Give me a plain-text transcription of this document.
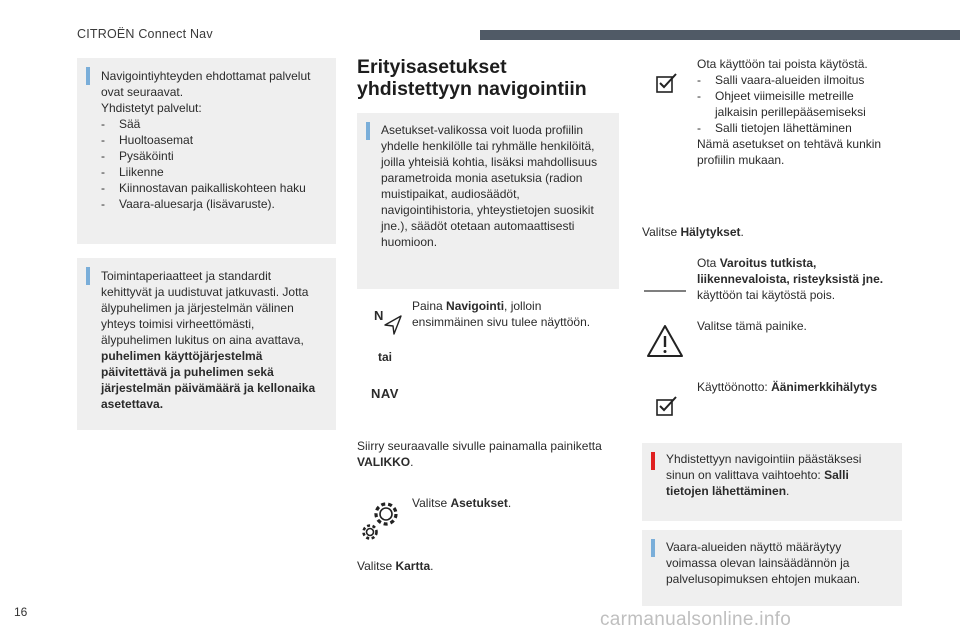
CITROËN Connect Nav

Navigointiyhteyden ehdottamat palvelut ovat seuraavat.

Yhdistetyt palvelut:

- Sää
- Huoltoasemat
- Pysäköinti
- Liikenne
- Kiinnostavan paikalliskohteen haku
- Vaara-aluesarja (lisävaruste).

Toimintaperiaatteet ja standardit kehittyvät ja uudistuvat jatkuvasti. Jotta älypuhelimen ja järjestelmän välinen yhteys toimisi virheettömästi, älypuhelimen lukitus on aina avattava, puhelimen käyttöjärjestelmä päivitettävä ja puhelimen sekä järjestelmän päivämäärä ja kellonaika asetettava.

Erityisasetukset yhdistettyyn navigointiin

Asetukset-valikossa voit luoda profiilin yhdelle henkilölle tai ryhmälle henkilöitä, joilla yhteisiä kohtia, lisäksi mahdollisuus parametroida monia asetuksia (radion muistipaikat, audiosäädöt, navigointihistoria, yhteystietojen suosikit jne.), säädöt otetaan automaattisesti huomioon.

N
tai
NAV
Paina Navigointi, jolloin ensimmäinen sivu tulee näyttöön.
Siirry seuraavalle sivulle painamalla painiketta VALIKKO.
Valitse Asetukset.
Valitse Kartta.

Ota käyttöön tai poista käytöstä.

- Salli vaara-alueiden ilmoitus
- Ohjeet viimeisille metreille jalkaisin perillepääsemiseksi
- Salli tietojen lähettäminen

Nämä asetukset on tehtävä kunkin profiilin mukaan.

Valitse Hälytykset.
Ota Varoitus tutkista, liikennevaloista, risteyksistä jne. käyttöön tai käytöstä pois.
Valitse tämä painike.
Käyttöönotto: Äänimerkkihälytys

Yhdistettyyn navigointiin päästäksesi sinun on valittava vaihtoehto: Salli tietojen lähettäminen.

Vaara-alueiden näyttö määräytyy voimassa olevan lainsäädännön ja palvelusopimuksen ehtojen mukaan.

16	carmanualsonline.info
